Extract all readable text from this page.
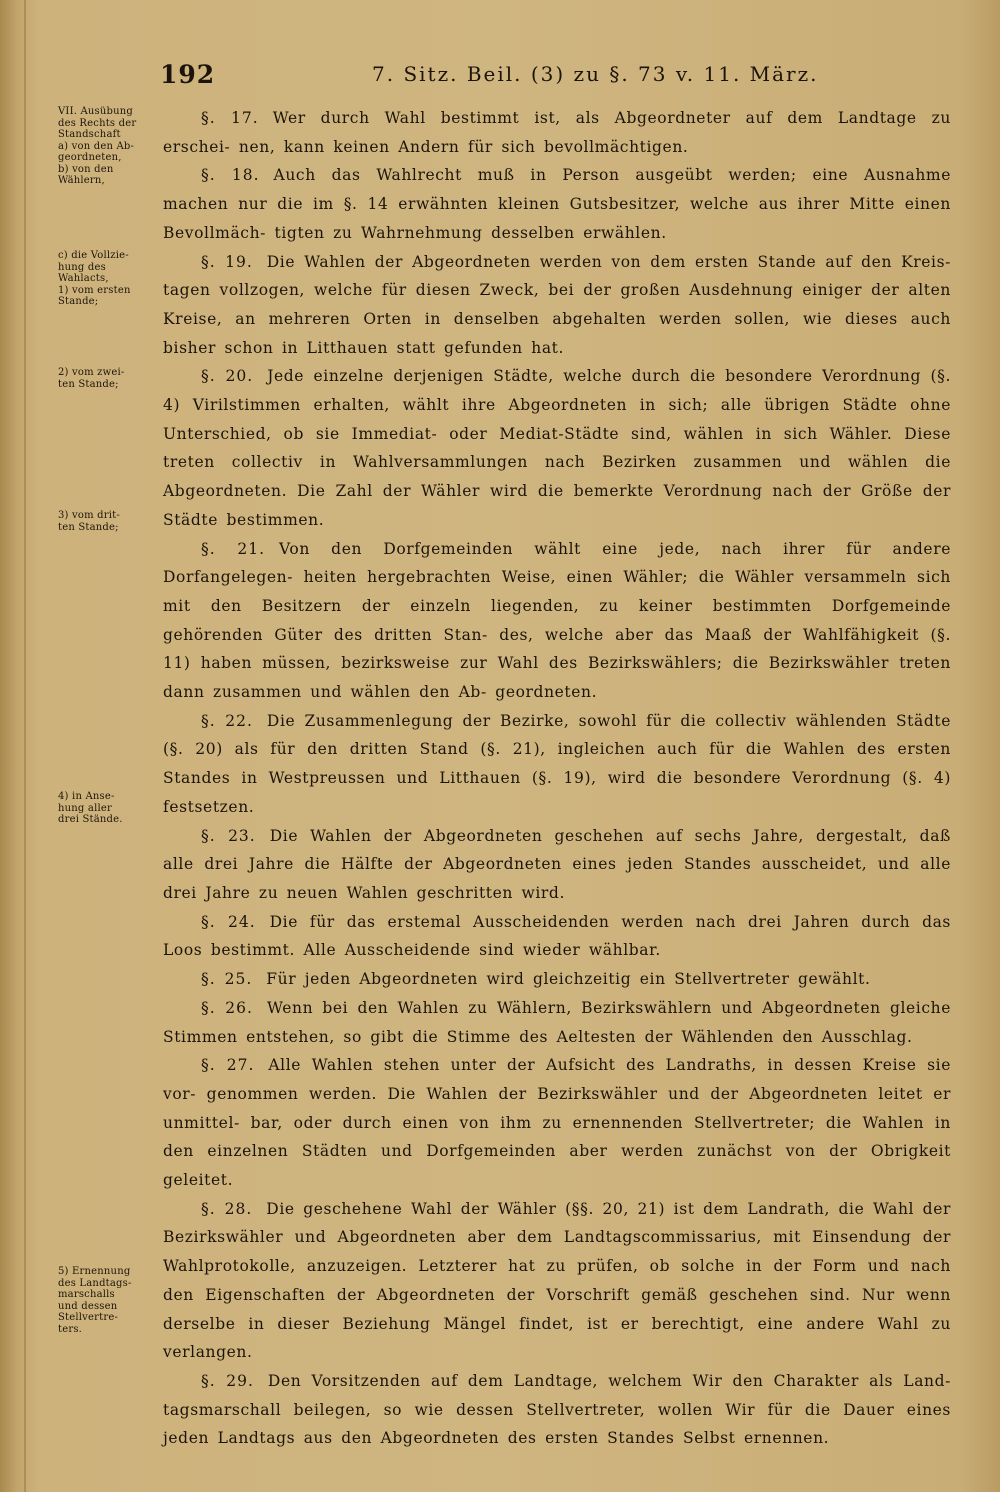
192	7. Sitz. Beil. (3) zu §. 73 v. 11. März.
VII. Ausübung
des Rechts der
Standschaft
a) von den Ab-
geordneten,
b) von den
Wählern,
c) die Vollzie-
hung des
Wahlacts,
1) vom ersten
Stande;
2) vom zwei-
ten Stande;
3) vom drit-
ten Stande;
4) in Anse-
hung aller
drei Stände.
5) Ernennung
des Landtags-
marschalls
und dessen
Stellvertre-
ters.

§. 17. Wer durch Wahl bestimmt ist, als Abgeordneter auf dem Landtage zu erschei- nen, kann keinen Andern für sich bevollmächtigen.

§. 18. Auch das Wahlrecht muß in Person ausgeübt werden; eine Ausnahme machen nur die im §. 14 erwähnten kleinen Gutsbesitzer, welche aus ihrer Mitte einen Bevollmäch- tigten zu Wahrnehmung desselben erwählen.

§. 19. Die Wahlen der Abgeordneten werden von dem ersten Stande auf den Kreis- tagen vollzogen, welche für diesen Zweck, bei der großen Ausdehnung einiger der alten Kreise, an mehreren Orten in denselben abgehalten werden sollen, wie dieses auch bisher schon in Litthauen statt gefunden hat.

§. 20. Jede einzelne derjenigen Städte, welche durch die besondere Verordnung (§. 4) Virilstimmen erhalten, wählt ihre Abgeordneten in sich; alle übrigen Städte ohne Unterschied, ob sie Immediat- oder Mediat-Städte sind, wählen in sich Wähler. Diese treten collectiv in Wahlversammlungen nach Bezirken zusammen und wählen die Abgeordneten. Die Zahl der Wähler wird die bemerkte Verordnung nach der Größe der Städte bestimmen.

§. 21. Von den Dorfgemeinden wählt eine jede, nach ihrer für andere Dorfangelegen- heiten hergebrachten Weise, einen Wähler; die Wähler versammeln sich mit den Besitzern der einzeln liegenden, zu keiner bestimmten Dorfgemeinde gehörenden Güter des dritten Stan- des, welche aber das Maaß der Wahlfähigkeit (§. 11) haben müssen, bezirksweise zur Wahl des Bezirkswählers; die Bezirkswähler treten dann zusammen und wählen den Ab- geordneten.

§. 22. Die Zusammenlegung der Bezirke, sowohl für die collectiv wählenden Städte (§. 20) als für den dritten Stand (§. 21), ingleichen auch für die Wahlen des ersten Standes in Westpreussen und Litthauen (§. 19), wird die besondere Verordnung (§. 4) festsetzen.

§. 23. Die Wahlen der Abgeordneten geschehen auf sechs Jahre, dergestalt, daß alle drei Jahre die Hälfte der Abgeordneten eines jeden Standes ausscheidet, und alle drei Jahre zu neuen Wahlen geschritten wird.

§. 24. Die für das erstemal Ausscheidenden werden nach drei Jahren durch das Loos bestimmt. Alle Ausscheidende sind wieder wählbar.

§. 25. Für jeden Abgeordneten wird gleichzeitig ein Stellvertreter gewählt.

§. 26. Wenn bei den Wahlen zu Wählern, Bezirkswählern und Abgeordneten gleiche Stimmen entstehen, so gibt die Stimme des Aeltesten der Wählenden den Ausschlag.

§. 27. Alle Wahlen stehen unter der Aufsicht des Landraths, in dessen Kreise sie vor- genommen werden. Die Wahlen der Bezirkswähler und der Abgeordneten leitet er unmittel- bar, oder durch einen von ihm zu ernennenden Stellvertreter; die Wahlen in den einzelnen Städten und Dorfgemeinden aber werden zunächst von der Obrigkeit geleitet.

§. 28. Die geschehene Wahl der Wähler (§§. 20, 21) ist dem Landrath, die Wahl der Bezirkswähler und Abgeordneten aber dem Landtagscommissarius, mit Einsendung der Wahlprotokolle, anzuzeigen. Letzterer hat zu prüfen, ob solche in der Form und nach den Eigenschaften der Abgeordneten der Vorschrift gemäß geschehen sind. Nur wenn derselbe in dieser Beziehung Mängel findet, ist er berechtigt, eine andere Wahl zu verlangen.

§. 29. Den Vorsitzenden auf dem Landtage, welchem Wir den Charakter als Land- tagsmarschall beilegen, so wie dessen Stellvertreter, wollen Wir für die Dauer eines jeden Landtags aus den Abgeordneten des ersten Standes Selbst ernennen.
